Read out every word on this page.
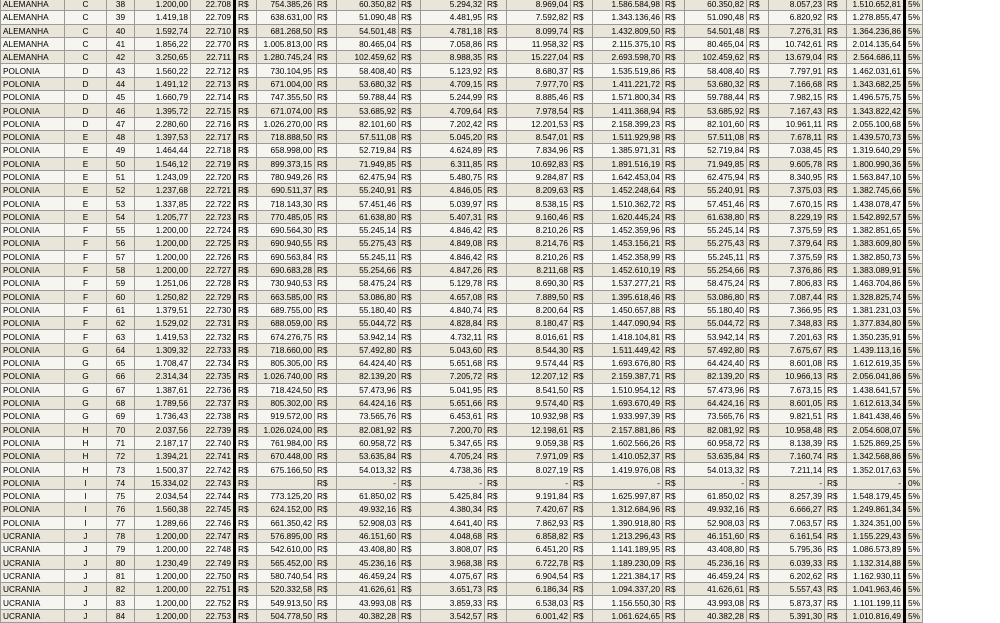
ALEMANHA	C	38	1.200,00	22.708	R$	754.385,26	R$	60.350,82	R$	5.294,32	R$	8.969,04	R$	1.586.584,98	R$	60.350,82	R$	8.057,23	R$	1.510.652,81	5%
ALEMANHA	C	39	1.419,18	22.709	R$	638.631,00	R$	51.090,48	R$	4.481,95	R$	7.592,82	R$	1.343.136,46	R$	51.090,48	R$	6.820,92	R$	1.278.855,47	5%
ALEMANHA	C	40	1.592,74	22.710	R$	681.268,50	R$	54.501,48	R$	4.781,18	R$	8.099,74	R$	1.432.809,50	R$	54.501,48	R$	7.276,31	R$	1.364.236,86	5%
ALEMANHA	C	41	1.856,22	22.770	R$	1.005.813,00	R$	80.465,04	R$	7.058,86	R$	11.958,32	R$	2.115.375,10	R$	80.465,04	R$	10.742,61	R$	2.014.135,64	5%
ALEMANHA	C	42	3.250,65	22.711	R$	1.280.745,24	R$	102.459,62	R$	8.988,35	R$	15.227,04	R$	2.693.598,70	R$	102.459,62	R$	13.679,04	R$	2.564.686,11	5%
POLONIA	D	43	1.560,22	22.712	R$	730.104,95	R$	58.408,40	R$	5.123,92	R$	8.680,37	R$	1.535.519,86	R$	58.408,40	R$	7.797,91	R$	1.462.031,61	5%
POLONIA	D	44	1.491,12	22.713	R$	671.004,00	R$	53.680,32	R$	4.709,15	R$	7.977,70	R$	1.411.221,72	R$	53.680,32	R$	7.166,68	R$	1.343.682,25	5%
POLONIA	D	45	1.660,79	22.714	R$	747.355,50	R$	59.788,44	R$	5.244,99	R$	8.885,46	R$	1.571.800,34	R$	59.788,44	R$	7.982,15	R$	1.496.575,75	5%
POLONIA	D	46	1.395,72	22.715	R$	671.074,00	R$	53.685,92	R$	4.709,64	R$	7.978,54	R$	1.411.368,94	R$	53.685,92	R$	7.167,43	R$	1.343.822,42	5%
POLONIA	D	47	2.280,60	22.716	R$	1.026.270,00	R$	82.101,60	R$	7.202,42	R$	12.201,53	R$	2.158.399,23	R$	82.101,60	R$	10.961,11	R$	2.055.100,68	5%
POLONIA	E	48	1.397,53	22.717	R$	718.888,50	R$	57.511,08	R$	5.045,20	R$	8.547,01	R$	1.511.929,98	R$	57.511,08	R$	7.678,11	R$	1.439.570,73	5%
POLONIA	E	49	1.464,44	22.718	R$	658.998,00	R$	52.719,84	R$	4.624,89	R$	7.834,96	R$	1.385.971,31	R$	52.719,84	R$	7.038,45	R$	1.319.640,29	5%
POLONIA	E	50	1.546,12	22.719	R$	899.373,15	R$	71.949,85	R$	6.311,85	R$	10.692,83	R$	1.891.516,19	R$	71.949,85	R$	9.605,78	R$	1.800.990,36	5%
POLONIA	E	51	1.243,09	22.720	R$	780.949,26	R$	62.475,94	R$	5.480,75	R$	9.284,87	R$	1.642.453,04	R$	62.475,94	R$	8.340,95	R$	1.563.847,10	5%
POLONIA	E	52	1.237,68	22.721	R$	690.511,37	R$	55.240,91	R$	4.846,05	R$	8.209,63	R$	1.452.248,64	R$	55.240,91	R$	7.375,03	R$	1.382.745,66	5%
POLONIA	E	53	1.337,85	22.722	R$	718.143,30	R$	57.451,46	R$	5.039,97	R$	8.538,15	R$	1.510.362,72	R$	57.451,46	R$	7.670,15	R$	1.438.078,47	5%
POLONIA	E	54	1.205,77	22.723	R$	770.485,05	R$	61.638,80	R$	5.407,31	R$	9.160,46	R$	1.620.445,24	R$	61.638,80	R$	8.229,19	R$	1.542.892,57	5%
POLONIA	F	55	1.200,00	22.724	R$	690.564,30	R$	55.245,14	R$	4.846,42	R$	8.210,26	R$	1.452.359,96	R$	55.245,14	R$	7.375,59	R$	1.382.851,65	5%
POLONIA	F	56	1.200,00	22.725	R$	690.940,55	R$	55.275,43	R$	4.849,08	R$	8.214,76	R$	1.453.156,21	R$	55.275,43	R$	7.379,64	R$	1.383.609,80	5%
POLONIA	F	57	1.200,00	22.726	R$	690.563,84	R$	55.245,11	R$	4.846,42	R$	8.210,26	R$	1.452.358,99	R$	55.245,11	R$	7.375,59	R$	1.382.850,73	5%
POLONIA	F	58	1.200,00	22.727	R$	690.683,28	R$	55.254,66	R$	4.847,26	R$	8.211,68	R$	1.452.610,19	R$	55.254,66	R$	7.376,86	R$	1.383.089,91	5%
POLONIA	F	59	1.251,06	22.728	R$	730.940,53	R$	58.475,24	R$	5.129,78	R$	8.690,30	R$	1.537.277,21	R$	58.475,24	R$	7.806,83	R$	1.463.704,86	5%
POLONIA	F	60	1.250,82	22.729	R$	663.585,00	R$	53.086,80	R$	4.657,08	R$	7.889,50	R$	1.395.618,46	R$	53.086,80	R$	7.087,44	R$	1.328.825,74	5%
POLONIA	F	61	1.379,51	22.730	R$	689.755,00	R$	55.180,40	R$	4.840,74	R$	8.200,64	R$	1.450.657,88	R$	55.180,40	R$	7.366,95	R$	1.381.231,03	5%
POLONIA	F	62	1.529,02	22.731	R$	688.059,00	R$	55.044,72	R$	4.828,84	R$	8.180,47	R$	1.447.090,94	R$	55.044,72	R$	7.348,83	R$	1.377.834,80	5%
POLONIA	F	63	1.419,53	22.732	R$	674.276,75	R$	53.942,14	R$	4.732,11	R$	8.016,61	R$	1.418.104,81	R$	53.942,14	R$	7.201,63	R$	1.350.235,91	5%
POLONIA	G	64	1.309,32	22.733	R$	718.660,00	R$	57.492,80	R$	5.043,60	R$	8.544,30	R$	1.511.449,42	R$	57.492,80	R$	7.675,67	R$	1.439.113,16	5%
POLONIA	G	65	1.708,47	22.734	R$	805.305,00	R$	64.424,40	R$	5.651,68	R$	9.574,44	R$	1.693.676,80	R$	64.424,40	R$	8.601,08	R$	1.612.619,35	5%
POLONIA	G	66	2.314,34	22.735	R$	1.026.740,00	R$	82.139,20	R$	7.205,72	R$	12.207,12	R$	2.159.387,71	R$	82.139,20	R$	10.966,13	R$	2.056.041,86	5%
POLONIA	G	67	1.387,61	22.736	R$	718.424,50	R$	57.473,96	R$	5.041,95	R$	8.541,50	R$	1.510.954,12	R$	57.473,96	R$	7.673,15	R$	1.438.641,57	5%
POLONIA	G	68	1.789,56	22.737	R$	805.302,00	R$	64.424,16	R$	5.651,66	R$	9.574,40	R$	1.693.670,49	R$	64.424,16	R$	8.601,05	R$	1.612.613,34	5%
POLONIA	G	69	1.736,43	22.738	R$	919.572,00	R$	73.565,76	R$	6.453,61	R$	10.932,98	R$	1.933.997,39	R$	73.565,76	R$	9.821,51	R$	1.841.438,46	5%
POLONIA	H	70	2.037,56	22.739	R$	1.026.024,00	R$	82.081,92	R$	7.200,70	R$	12.198,61	R$	2.157.881,86	R$	82.081,92	R$	10.958,48	R$	2.054.608,07	5%
POLONIA	H	71	2.187,17	22.740	R$	761.984,00	R$	60.958,72	R$	5.347,65	R$	9.059,38	R$	1.602.566,26	R$	60.958,72	R$	8.138,39	R$	1.525.869,25	5%
POLONIA	H	72	1.394,21	22.741	R$	670.448,00	R$	53.635,84	R$	4.705,24	R$	7.971,09	R$	1.410.052,37	R$	53.635,84	R$	7.160,74	R$	1.342.568,86	5%
POLONIA	H	73	1.500,37	22.742	R$	675.166,50	R$	54.013,32	R$	4.738,36	R$	8.027,19	R$	1.419.976,08	R$	54.013,32	R$	7.211,14	R$	1.352.017,63	5%
POLONIA	I	74	15.334,02	22.743	R$		R$	-	R$	-	R$	-	R$	-	R$	-	R$	-	R$	-	0%
POLONIA	I	75	2.034,54	22.744	R$	773.125,20	R$	61.850,02	R$	5.425,84	R$	9.191,84	R$	1.625.997,87	R$	61.850,02	R$	8.257,39	R$	1.548.179,45	5%
POLONIA	I	76	1.560,38	22.745	R$	624.152,00	R$	49.932,16	R$	4.380,34	R$	7.420,67	R$	1.312.684,96	R$	49.932,16	R$	6.666,27	R$	1.249.861,34	5%
POLONIA	I	77	1.289,66	22.746	R$	661.350,42	R$	52.908,03	R$	4.641,40	R$	7.862,93	R$	1.390.918,80	R$	52.908,03	R$	7.063,57	R$	1.324.351,00	5%
UCRANIA	J	78	1.200,00	22.747	R$	576.895,00	R$	46.151,60	R$	4.048,68	R$	6.858,82	R$	1.213.296,43	R$	46.151,60	R$	6.161,54	R$	1.155.229,43	5%
UCRANIA	J	79	1.200,00	22.748	R$	542.610,00	R$	43.408,80	R$	3.808,07	R$	6.451,20	R$	1.141.189,95	R$	43.408,80	R$	5.795,36	R$	1.086.573,89	5%
UCRANIA	J	80	1.230,49	22.749	R$	565.452,00	R$	45.236,16	R$	3.968,38	R$	6.722,78	R$	1.189.230,09	R$	45.236,16	R$	6.039,33	R$	1.132.314,88	5%
UCRANIA	J	81	1.200,00	22.750	R$	580.740,54	R$	46.459,24	R$	4.075,67	R$	6.904,54	R$	1.221.384,17	R$	46.459,24	R$	6.202,62	R$	1.162.930,11	5%
UCRANIA	J	82	1.200,00	22.751	R$	520.332,58	R$	41.626,61	R$	3.651,73	R$	6.186,34	R$	1.094.337,20	R$	41.626,61	R$	5.557,43	R$	1.041.963,46	5%
UCRANIA	J	83	1.200,00	22.752	R$	549.913,50	R$	43.993,08	R$	3.859,33	R$	6.538,03	R$	1.156.550,30	R$	43.993,08	R$	5.873,37	R$	1.101.199,11	5%
UCRANIA	J	84	1.200,00	22.753	R$	504.778,50	R$	40.382,28	R$	3.542,57	R$	6.001,42	R$	1.061.624,65	R$	40.382,28	R$	5.391,30	R$	1.010.816,49	5%
